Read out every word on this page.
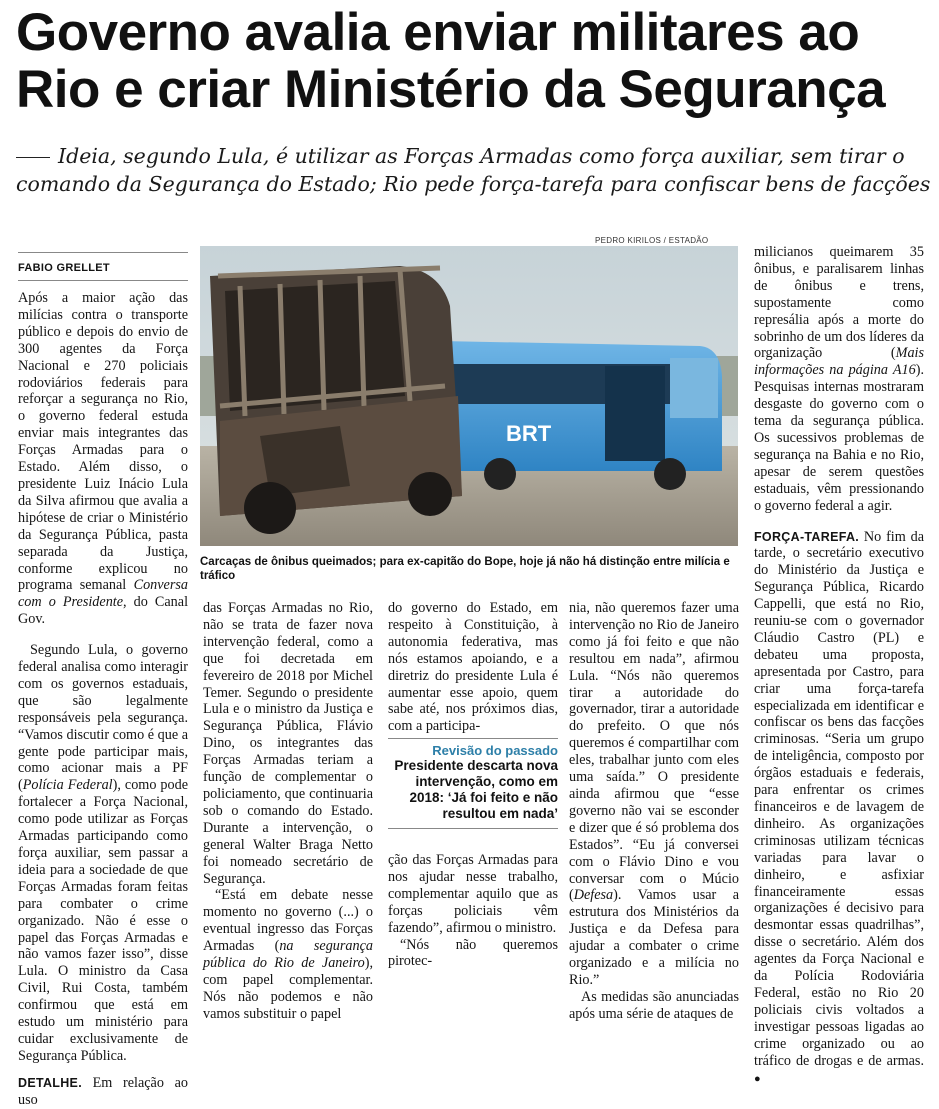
Governo avalia enviar militares ao Rio e criar Ministério da Segurança
Ideia, segundo Lula, é utilizar as Forças Armadas como força auxiliar, sem tirar o comando da Segurança do Estado; Rio pede força-tarefa para confiscar bens de facções
FABIO GRELLET

Após a maior ação das milícias contra o transporte público e depois do envio de 300 agentes da Força Nacional e 270 policiais rodoviários federais para reforçar a segurança no Rio, o governo federal estuda enviar mais integrantes das Forças Armadas para o Estado. Além disso, o presidente Luiz Inácio Lula da Silva afirmou que avalia a hipótese de criar o Ministério da Segurança Pública, pasta separada da Justiça, conforme explicou no programa semanal Conversa com o Presidente, do Canal Gov.

Segundo Lula, o governo federal analisa como interagir com os governos estaduais, que são legalmente responsáveis pela segurança. “Vamos discutir como é que a gente pode participar mais, como acionar mais a PF (Polícia Federal), como pode fortalecer a Força Nacional, como pode utilizar as Forças Armadas participando como força auxiliar, sem passar a ideia para a sociedade de que Forças Armadas foram feitas para combater o crime organizado. Não é esse o papel das Forças Armadas e não vamos fazer isso”, disse Lula. O ministro da Casa Civil, Rui Costa, também confirmou que está em estudo um ministério para cuidar exclusivamente de Segurança Pública.

DETALHE. Em relação ao uso

PEDRO KIRILOS / ESTADÃO
BRT
Carcaças de ônibus queimados; para ex-capitão do Bope, hoje já não há distinção entre milícia e tráfico

das Forças Armadas no Rio, não se trata de fazer nova intervenção federal, como a que foi decretada em fevereiro de 2018 por Michel Temer. Segundo o presidente Lula e o ministro da Justiça e Segurança Pública, Flávio Dino, os integrantes das Forças Armadas teriam a função de complementar o policiamento, que continuaria sob o comando do Estado. Durante a intervenção, o general Walter Braga Netto foi nomeado secretário de Segurança.

“Está em debate nesse momento no governo (...) o eventual ingresso das Forças Armadas (na segurança pública do Rio de Janeiro), com papel complementar. Nós não podemos e não vamos substituir o papel

do governo do Estado, em respeito à Constituição, à autonomia federativa, mas nós estamos apoiando, e a diretriz do presidente Lula é aumentar esse apoio, quem sabe até, nos próximos dias, com a participa-

Revisão do passado
Presidente descarta nova intervenção, como em 2018: ‘Já foi feito e não resultou em nada’

ção das Forças Armadas para nos ajudar nesse trabalho, complementar aquilo que as forças policiais vêm fazendo”, afirmou o ministro.

“Nós não queremos pirotec-

nia, não queremos fazer uma intervenção no Rio de Janeiro como já foi feito e que não resultou em nada”, afirmou Lula. “Nós não queremos tirar a autoridade do governador, tirar a autoridade do prefeito. O que nós queremos é compartilhar com eles, trabalhar junto com eles uma saída.” O presidente ainda afirmou que “esse governo não vai se esconder e dizer que é só problema dos Estados”. “Eu já conversei com o Flávio Dino e vou conversar com o Múcio (Defesa). Vamos usar a estrutura dos Ministérios da Justiça e da Defesa para ajudar a combater o crime organizado e a milícia no Rio.”

As medidas são anunciadas após uma série de ataques de

milicianos queimarem 35 ônibus, e paralisarem linhas de ônibus e trens, supostamente como represália após a morte do sobrinho de um dos líderes da organização (Mais informações na página A16). Pesquisas internas mostraram desgaste do governo com o tema da segurança pública. Os sucessivos problemas de segurança na Bahia e no Rio, apesar de serem questões estaduais, vêm pressionando o governo federal a agir.

FORÇA-TAREFA. No fim da tarde, o secretário executivo do Ministério da Justiça e Segurança Pública, Ricardo Cappelli, que está no Rio, reuniu-se com o governador Cláudio Castro (PL) e debateu uma proposta, apresentada por Castro, para criar uma força-tarefa especializada em identificar e confiscar os bens das facções criminosas. “Seria um grupo de inteligência, composto por órgãos estaduais e federais, para enfrentar os crimes financeiros e de lavagem de dinheiro. As organizações criminosas utilizam técnicas variadas para lavar o dinheiro, e asfixiar financeiramente essas organizações é decisivo para desmontar essas quadrilhas”, disse o secretário. Além dos agentes da Força Nacional e da Polícia Rodoviária Federal, estão no Rio 20 policiais civis voltados a investigar pessoas ligadas ao crime organizado ou ao tráfico de drogas e de armas. ●
